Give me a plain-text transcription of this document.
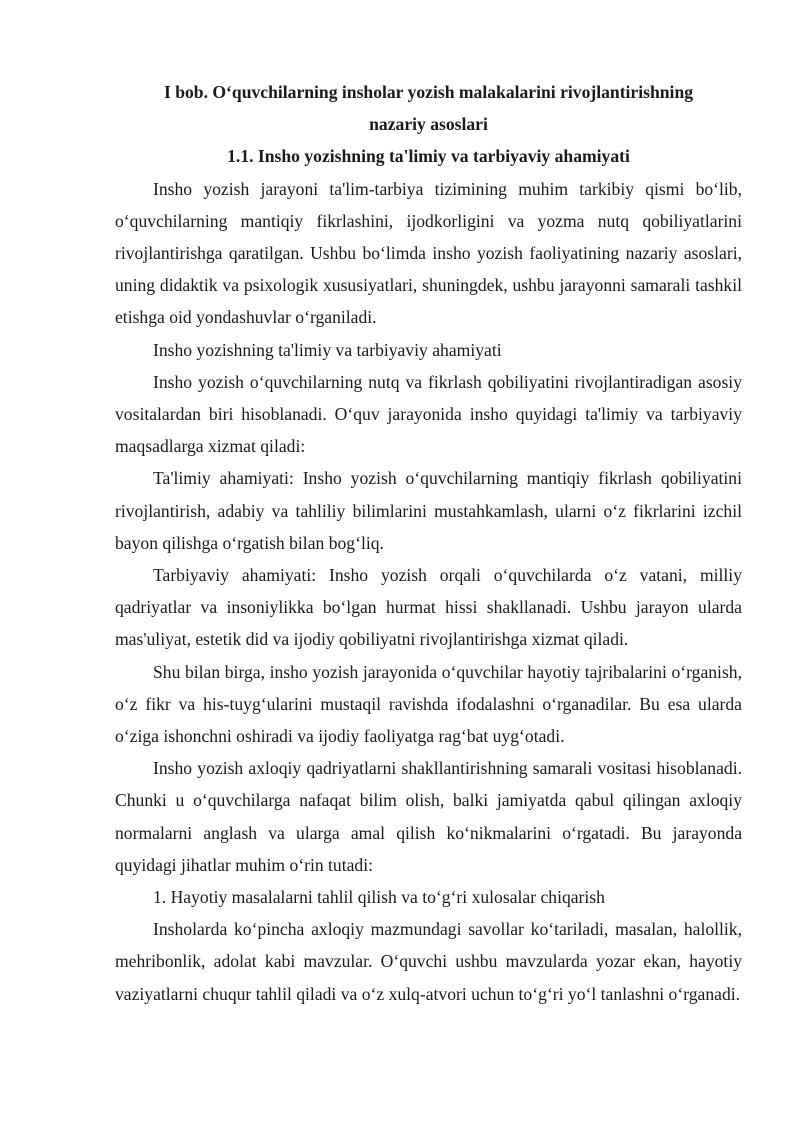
I bob. O‘quvchilarning insholar yozish malakalarini rivojlantirishning
nazariy asoslari
1.1. Insho yozishning ta'limiy va tarbiyaviy ahamiyati

Insho yozish jarayoni ta'lim-tarbiya tizimining muhim tarkibiy qismi bo‘lib, o‘quvchilarning mantiqiy fikrlashini, ijodkorligini va yozma nutq qobiliyatlarini rivojlantirishga qaratilgan. Ushbu bo‘limda insho yozish faoliyatining nazariy asoslari, uning didaktik va psixologik xususiyatlari, shuningdek, ushbu jarayonni samarali tashkil etishga oid yondashuvlar o‘rganiladi.

Insho yozishning ta'limiy va tarbiyaviy ahamiyati

Insho yozish o‘quvchilarning nutq va fikrlash qobiliyatini rivojlantiradigan asosiy vositalardan biri hisoblanadi. O‘quv jarayonida insho quyidagi ta'limiy va tarbiyaviy maqsadlarga xizmat qiladi:

Ta'limiy ahamiyati: Insho yozish o‘quvchilarning mantiqiy fikrlash qobiliyatini rivojlantirish, adabiy va tahliliy bilimlarini mustahkamlash, ularni o‘z fikrlarini izchil bayon qilishga o‘rgatish bilan bog‘liq.

Tarbiyaviy ahamiyati: Insho yozish orqali o‘quvchilarda o‘z vatani, milliy qadriyatlar va insoniylikka bo‘lgan hurmat hissi shakllanadi. Ushbu jarayon ularda mas'uliyat, estetik did va ijodiy qobiliyatni rivojlantirishga xizmat qiladi.

Shu bilan birga, insho yozish jarayonida o‘quvchilar hayotiy tajribalarini o‘rganish, o‘z fikr va his-tuyg‘ularini mustaqil ravishda ifodalashni o‘rganadilar. Bu esa ularda o‘ziga ishonchni oshiradi va ijodiy faoliyatga rag‘bat uyg‘otadi.

Insho yozish axloqiy qadriyatlarni shakllantirishning samarali vositasi hisoblanadi. Chunki u o‘quvchilarga nafaqat bilim olish, balki jamiyatda qabul qilingan axloqiy normalarni anglash va ularga amal qilish ko‘nikmalarini o‘rgatadi. Bu jarayonda quyidagi jihatlar muhim o‘rin tutadi:

1. Hayotiy masalalarni tahlil qilish va to‘g‘ri xulosalar chiqarish

Insholarda ko‘pincha axloqiy mazmundagi savollar ko‘tariladi, masalan, halollik, mehribonlik, adolat kabi mavzular. O‘quvchi ushbu mavzularda yozar ekan, hayotiy vaziyatlarni chuqur tahlil qiladi va o‘z xulq-atvori uchun to‘g‘ri yo‘l tanlashni o‘rganadi.
